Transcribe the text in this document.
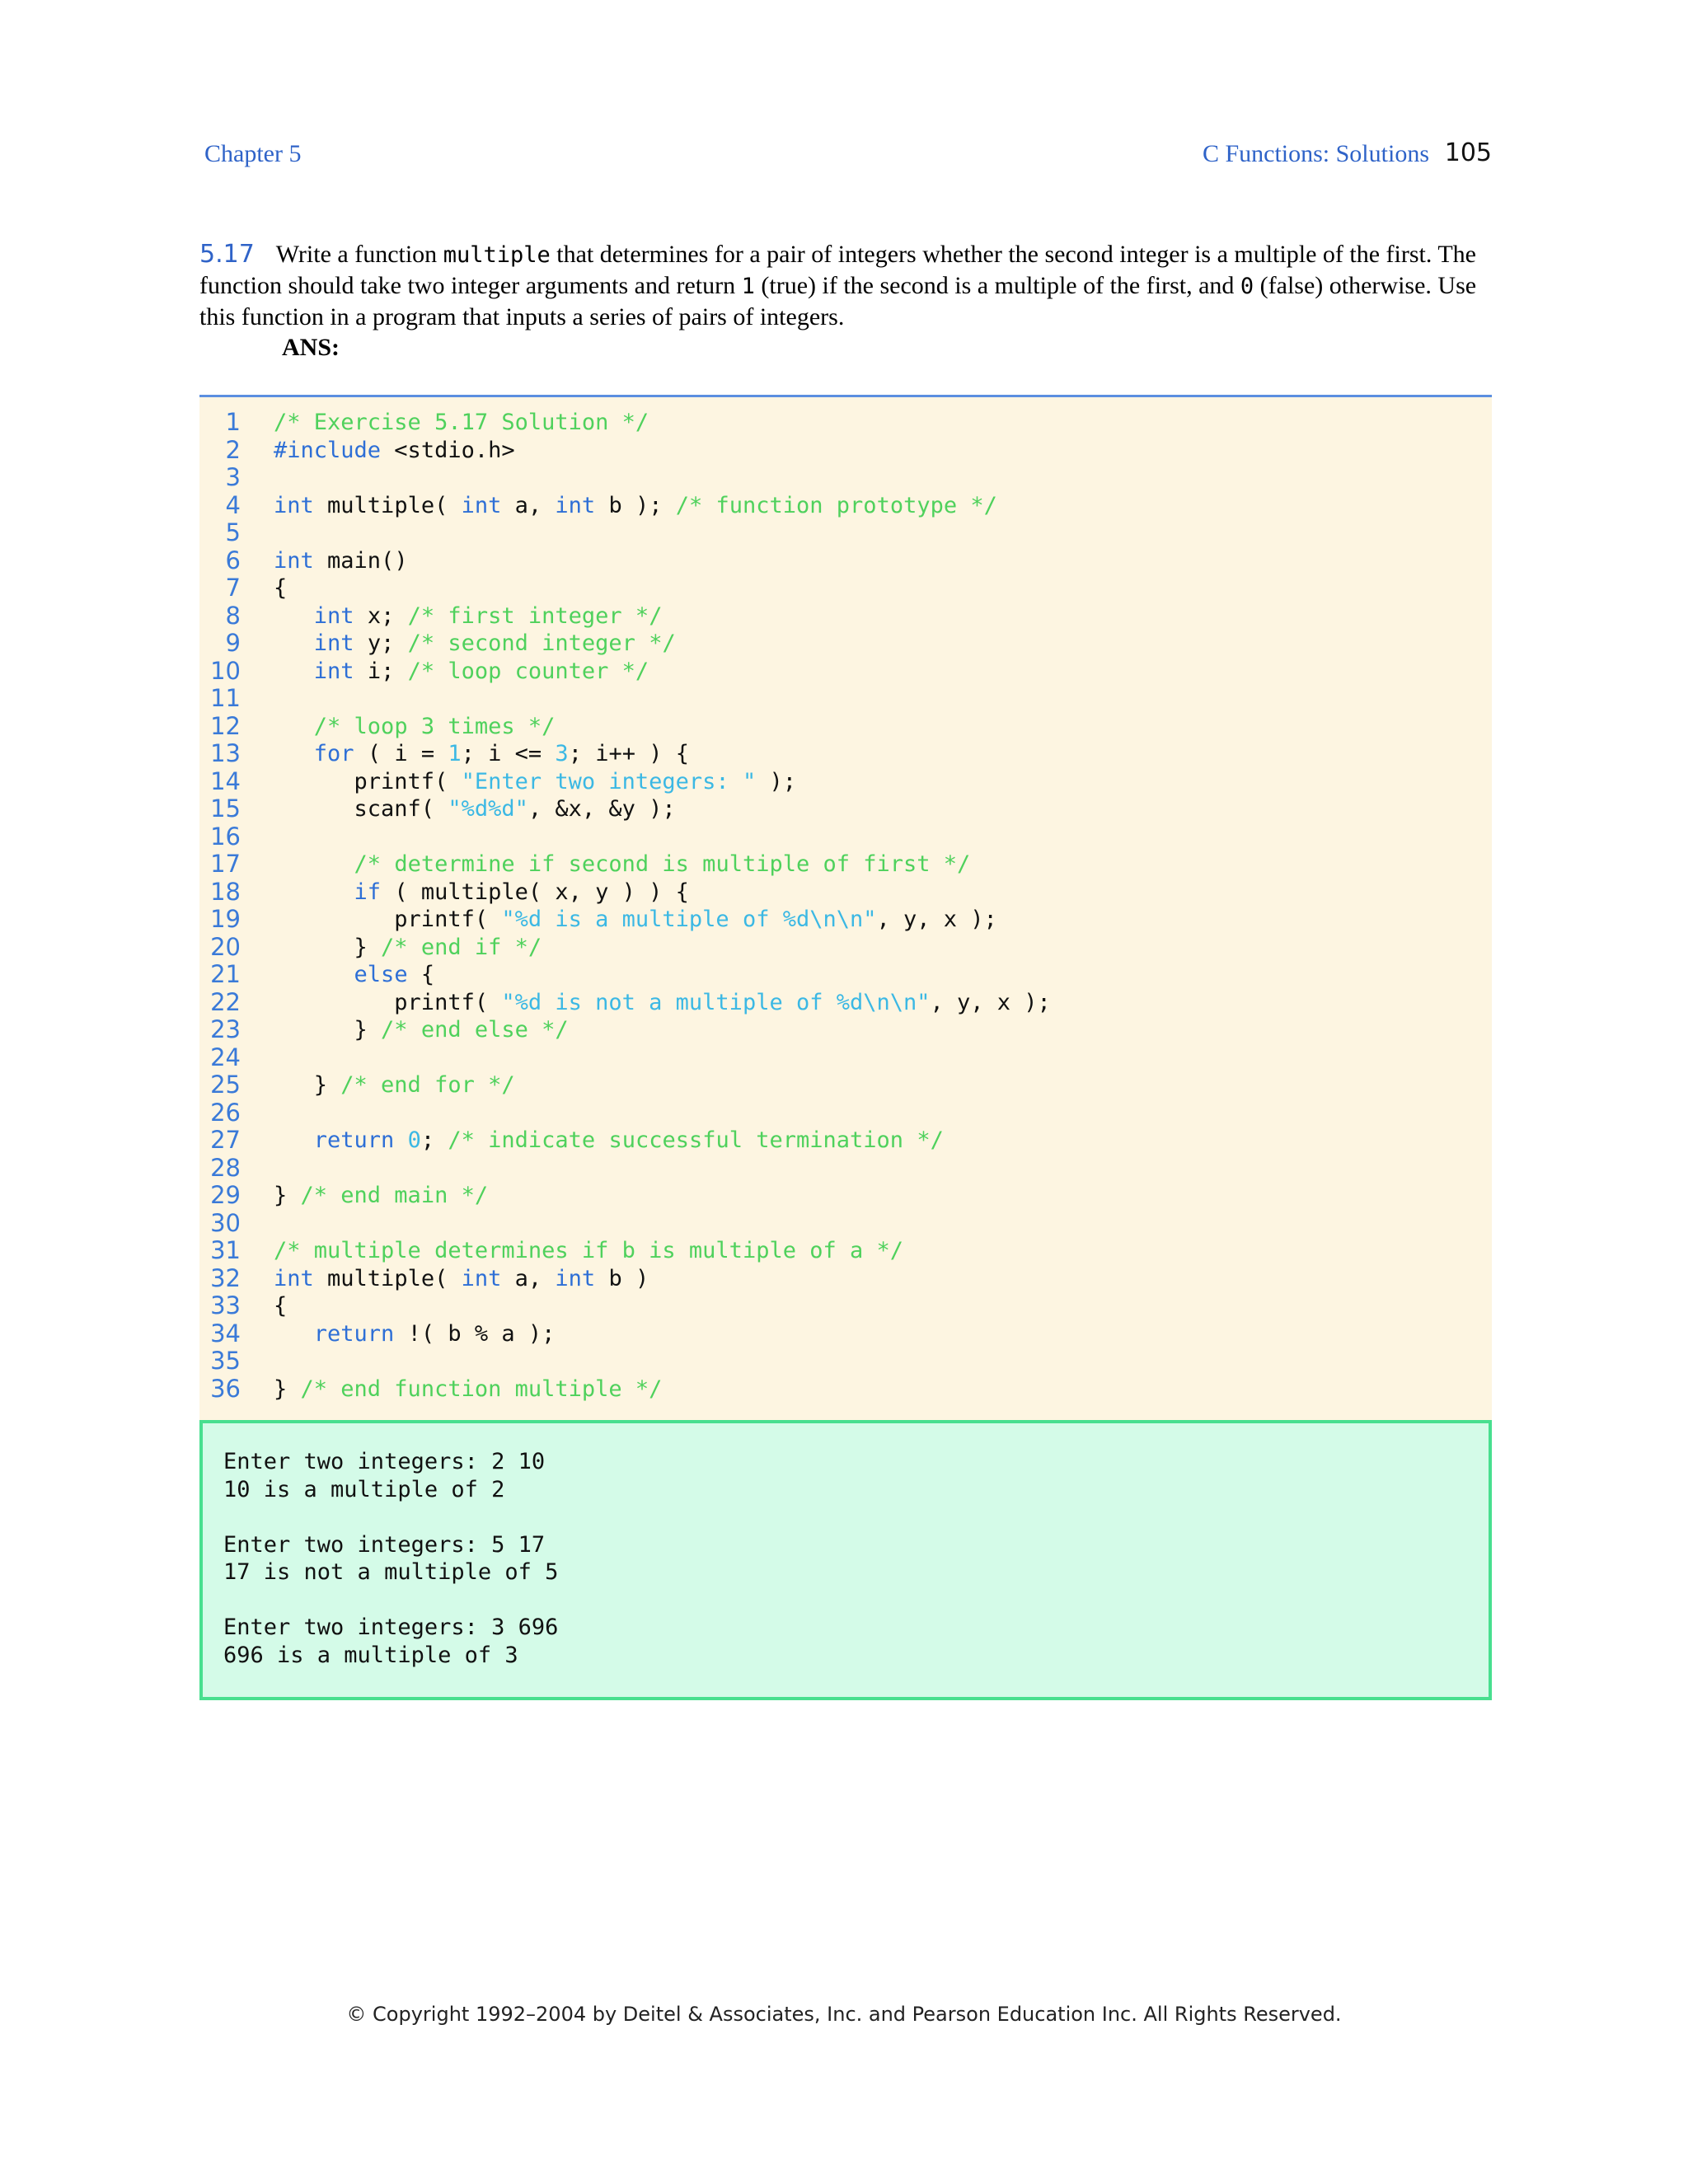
Chapter 5	C Functions: Solutions 105
5.17 Write a function multiple that determines for a pair of integers whether the second integer is a multiple of the first. The function should take two integer arguments and return 1 (true) if the second is a multiple of the first, and 0 (false) otherwise. Use this function in a program that inputs a series of pairs of integers.
ANS:
1 /* Exercise 5.17 Solution */
2 #include <stdio.h>
3
4 int multiple( int a, int b ); /* function prototype */
5
6 int main()
7 {
8	int x; /* first integer */
9	int y; /* second integer */
10	int i; /* loop counter */
11
12	/* loop 3 times */
13	for ( i = 1; i <= 3; i++ ) {
14 printf( "Enter two integers: " );
15 scanf( "%d%d", &x, &y );
16
17	/* determine if second is multiple of first */
18	if ( multiple( x, y ) ) {
19 printf( "%d is a multiple of %d\n\n", y, x );
20 } /* end if */
21	else {
22 printf( "%d is not a multiple of %d\n\n", y, x );
23 } /* end else */
24
25 } /* end for */
26
27	return 0; /* indicate successful termination */
28
29 } /* end main */
30
31 /* multiple determines if b is multiple of a */
32 int multiple( int a, int b )
33 {
34	return !( b % a );
35
36 } /* end function multiple */
Enter two integers: 2 10
10 is a multiple of 2
Enter two integers: 5 17
17 is not a multiple of 5
Enter two integers: 3 696
696 is a multiple of 3
© Copyright 1992–2004 by Deitel & Associates, Inc. and Pearson Education Inc. All Rights Reserved.
